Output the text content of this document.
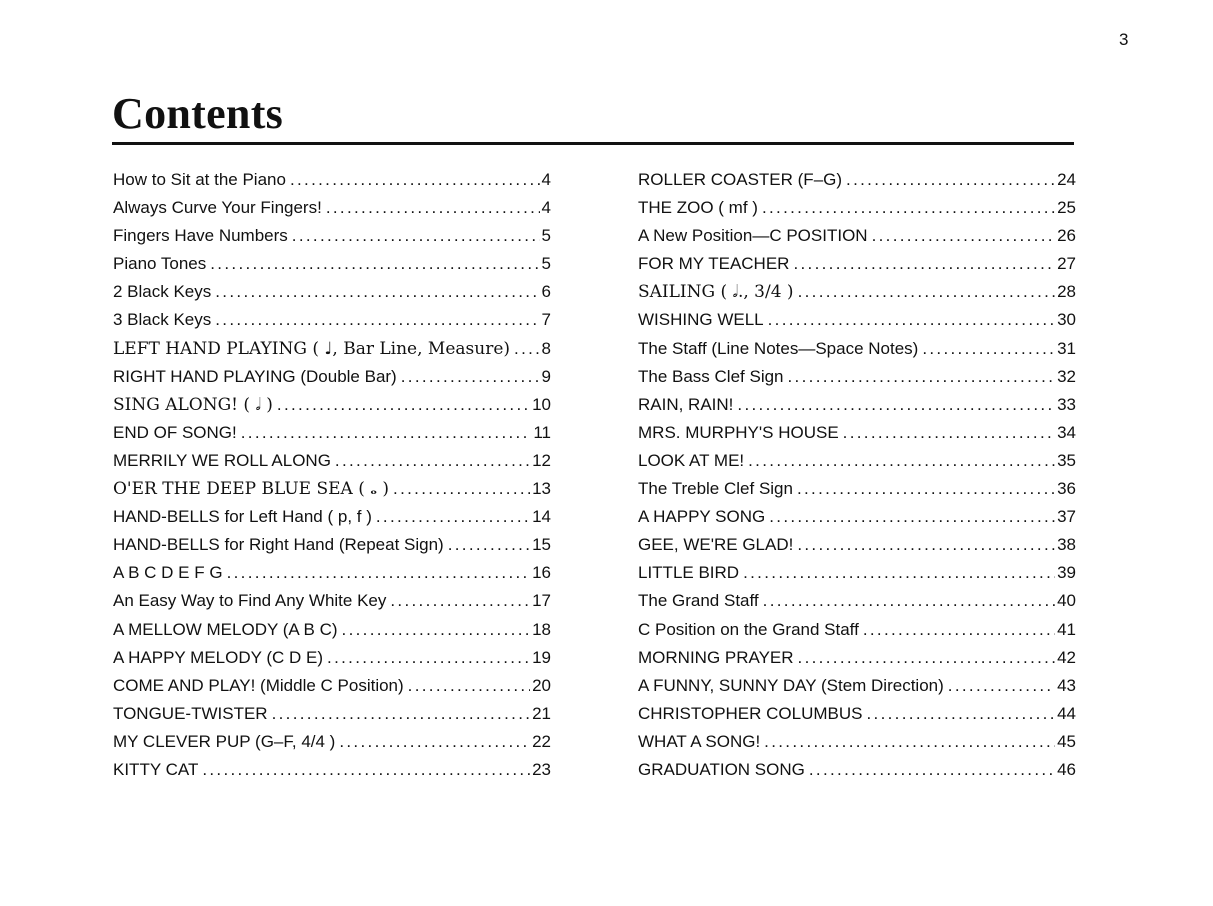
3
Contents
How to Sit at the Piano . . .	4
Always Curve Your Fingers! . . .	4
Fingers Have Numbers . . .	5
Piano Tones . . .	5
2 Black Keys . . .	6
3 Black Keys . . .	7
LEFT HAND PLAYING ( ♩, Bar Line, Measure) . . . 8
RIGHT HAND PLAYING (Double Bar) . . .	9
SING ALONG! ( 𝅗𝅥 ) . . .	10
END OF SONG! . . .	11
MERRILY WE ROLL ALONG . . .	12
O'ER THE DEEP BLUE SEA ( 𝅝 ) . . .	13
HAND-BELLS for Left Hand ( p, f ) . . .	14
HAND-BELLS for Right Hand (Repeat Sign) . . .	15
A B C D E F G . . .	16
An Easy Way to Find Any White Key . . .	17
A MELLOW MELODY (A B C) . . .	18
A HAPPY MELODY (C D E) . . .	19
COME AND PLAY! (Middle C Position) . . .	20
TONGUE-TWISTER . . .	21
MY CLEVER PUP (G–F, 4/4 ) . . .	22
KITTY CAT . . .	23
ROLLER COASTER (F–G) . . .	24
THE ZOO ( mf ) . . .	25
A New Position—C POSITION . . .	26
FOR MY TEACHER . . .	27
SAILING ( 𝅗𝅥., 3/4 ) . . .	28
WISHING WELL . . .	30
The Staff (Line Notes—Space Notes) . . .	31
The Bass Clef Sign . . .	32
RAIN, RAIN! . . .	33
MRS. MURPHY'S HOUSE . . .	34
LOOK AT ME! . . .	35
The Treble Clef Sign . . .	36
A HAPPY SONG . . .	37
GEE, WE'RE GLAD! . . .	38
LITTLE BIRD . . .	39
The Grand Staff . . .	40
C Position on the Grand Staff . . .	41
MORNING PRAYER . . .	42
A FUNNY, SUNNY DAY (Stem Direction) . . .	43
CHRISTOPHER COLUMBUS . . .	44
WHAT A SONG! . . .	45
GRADUATION SONG . . .	46
